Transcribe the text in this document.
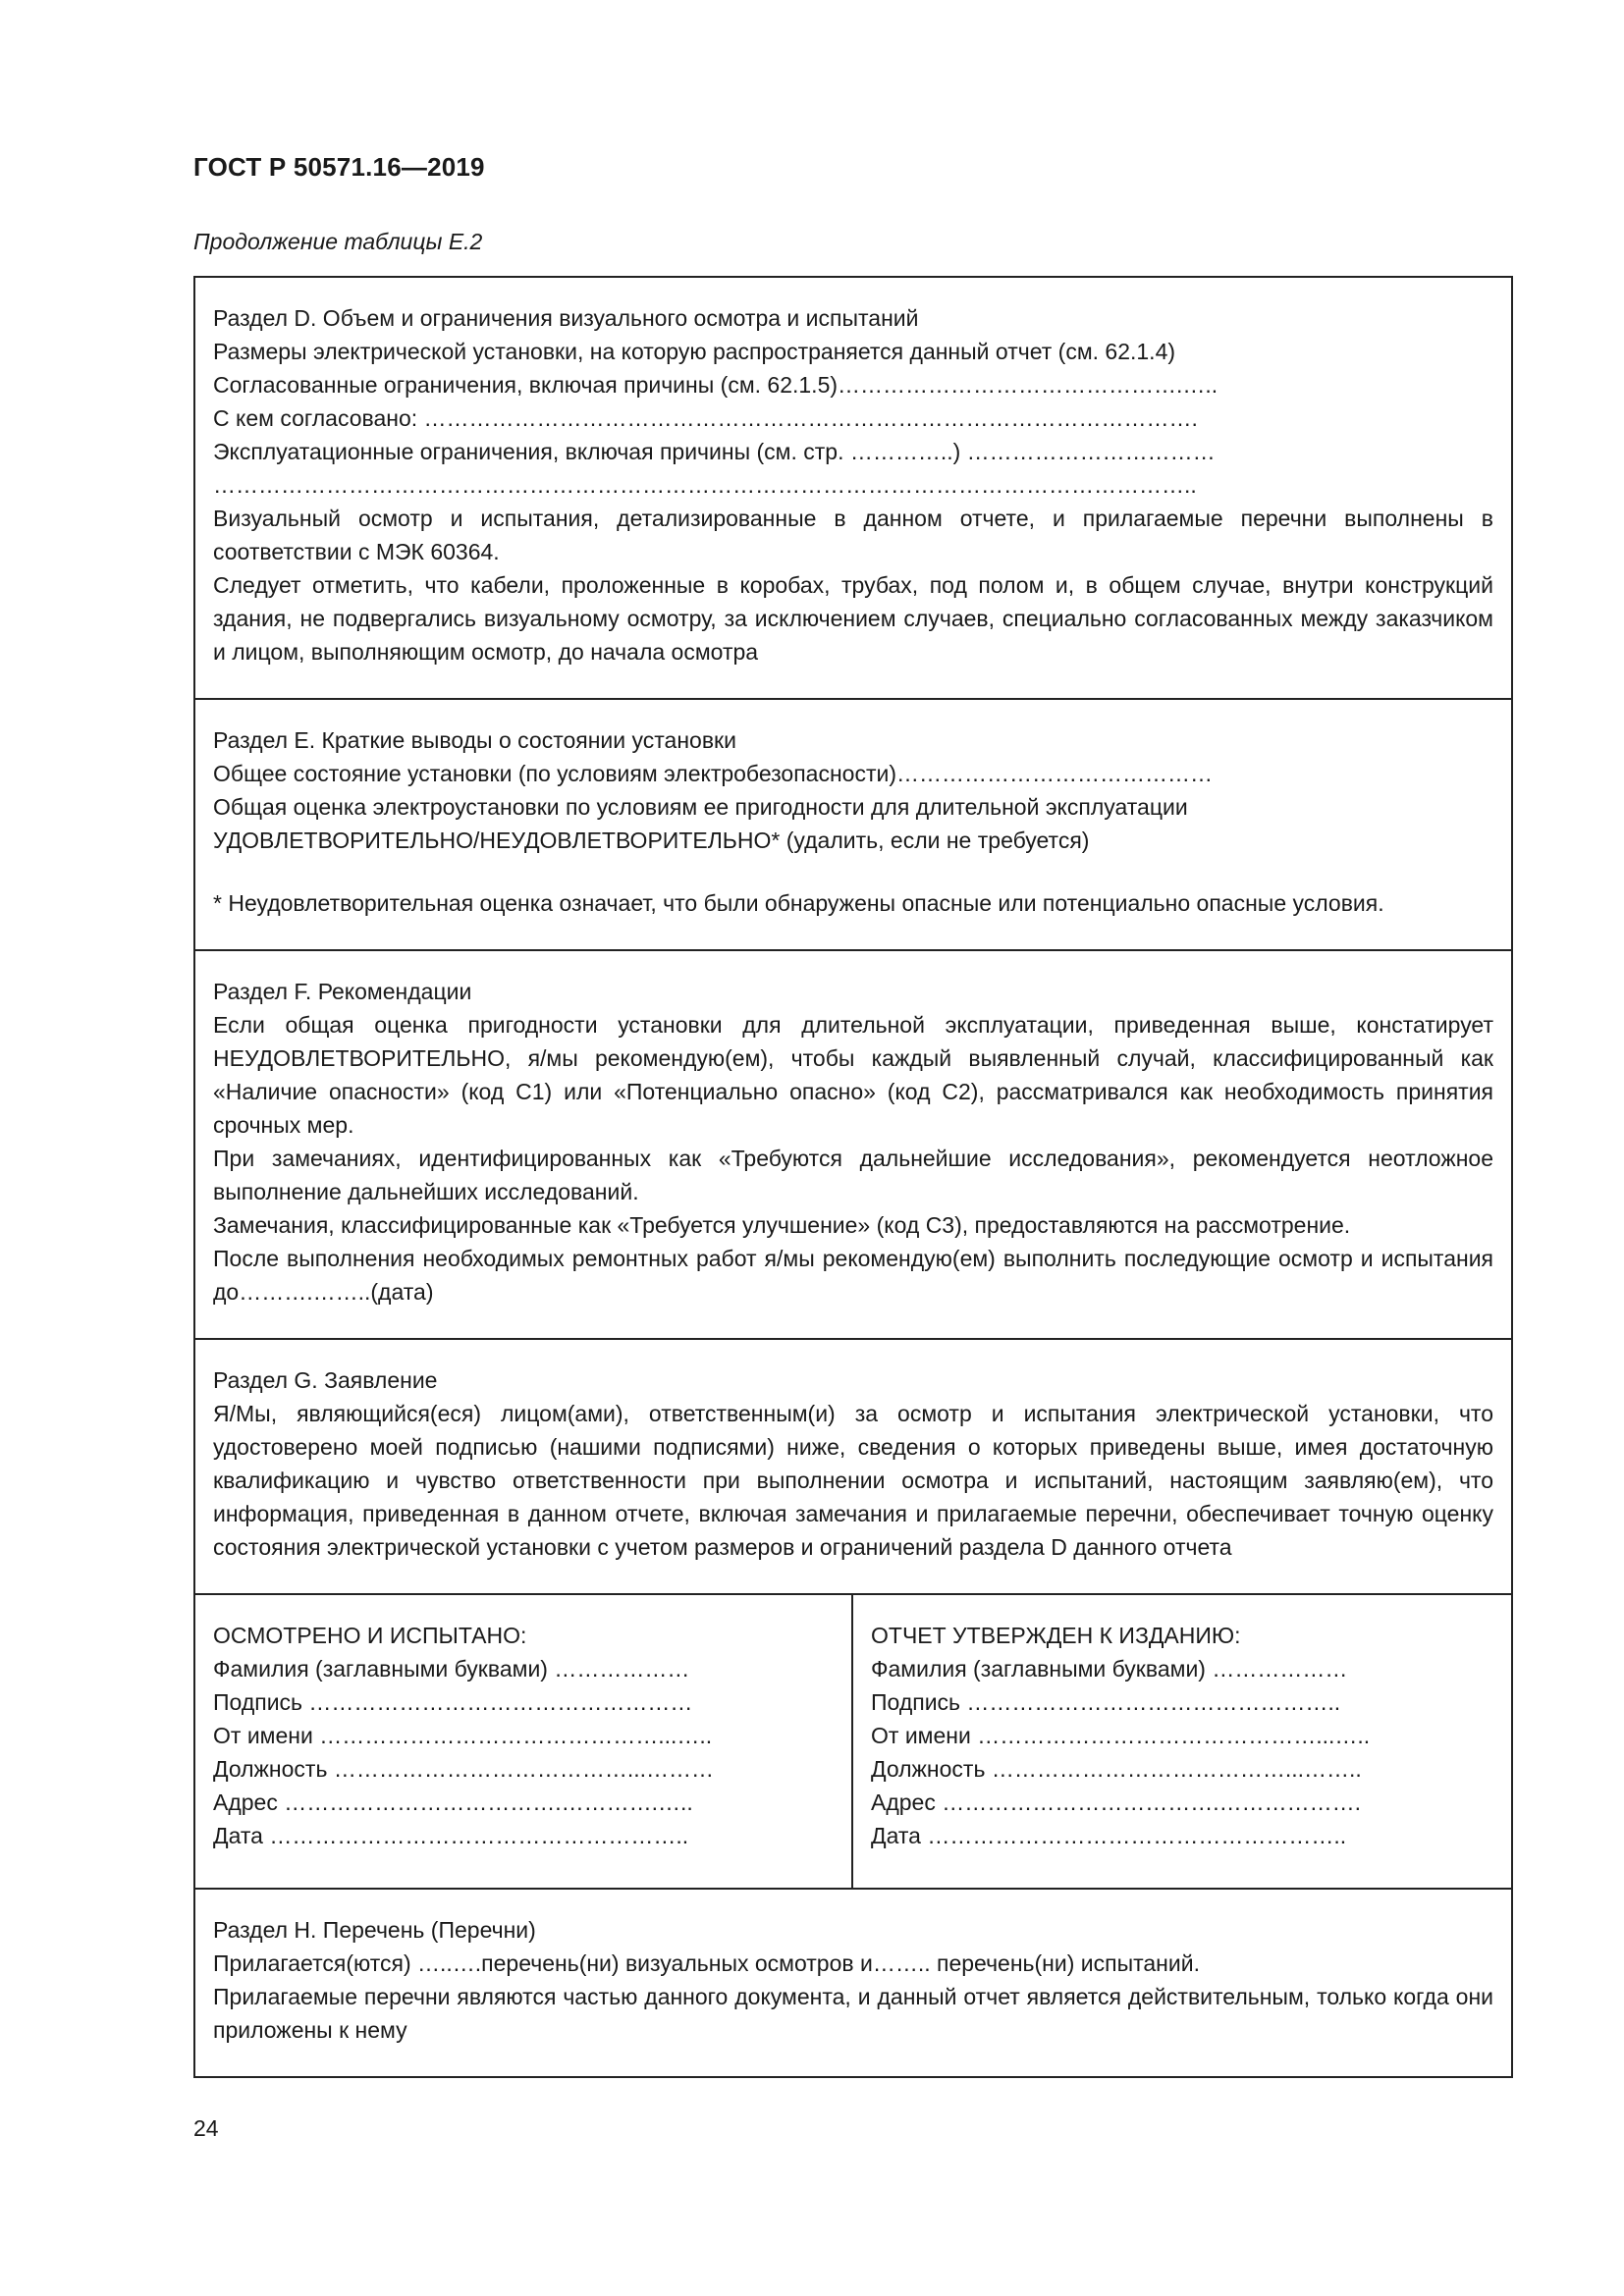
ГОСТ Р 50571.16—2019
Продолжение таблицы Е.2

Раздел D. Объем и ограничения визуального осмотра и испытаний

Размеры электрической установки, на которую распространяется данный отчет (см. 62.1.4)

Согласованные ограничения, включая причины (см. 62.1.5)……………………………………….…..

С кем согласовано: ………………………………………………………………………………………….

Эксплуатационные ограничения, включая причины (см. стр. …………..) ……………………………

…………………………………………………………………………………………………………………..

Визуальный осмотр и испытания, детализированные в данном отчете, и прилагаемые перечни выполнены в соответствии с МЭК 60364.

Следует отметить, что кабели, проложенные в коробах, трубах, под полом и, в общем случае, внутри конструкций здания, не подвергались визуальному осмотру, за исключением случаев, специально согласованных между заказчиком и лицом, выполняющим осмотр, до начала осмотра

Раздел E. Краткие выводы о состоянии установки

Общее состояние установки (по условиям электробезопасности)……………………………………

Общая оценка электроустановки по условиям ее пригодности для длительной эксплуатации

УДОВЛЕТВОРИТЕЛЬНО/НЕУДОВЛЕТВОРИТЕЛЬНО* (удалить, если не требуется)

* Неудовлетворительная оценка означает, что были обнаружены опасные или потенциально опасные условия.

Раздел F. Рекомендации

Если общая оценка пригодности установки для длительной эксплуатации, приведенная выше, констатирует НЕУДОВЛЕТВОРИТЕЛЬНО, я/мы рекомендую(ем), чтобы каждый выявленный случай, классифицированный как «Наличие опасности» (код С1) или «Потенциально опасно» (код С2), рассматривался как необходимость принятия срочных мер.

При замечаниях, идентифицированных как «Требуются дальнейшие исследования», рекомендуется неотложное выполнение дальнейших исследований.

Замечания, классифицированные как «Требуется улучшение» (код С3), предоставляются на рассмотрение.

После выполнения необходимых ремонтных работ я/мы рекомендую(ем) выполнить последующие осмотр и испытания до……….……..(дата)

Раздел G. Заявление

Я/Мы, являющийся(еся) лицом(ами), ответственным(и) за осмотр и испытания электрической установки, что удостоверено моей подписью (нашими подписями) ниже, сведения о которых приведены выше, имея достаточную квалификацию и чувство ответственности при выполнении осмотра и испытаний, настоящим заявляю(ем), что информация, приведенная в данном отчете, включая замечания и прилагаемые перечни, обеспечивает точную оценку состояния электрической установки с учетом размеров и ограничений раздела D данного отчета

ОСМОТРЕНО И ИСПЫТАНО:

Фамилия (заглавными буквами) ………………

Подпись ……………………………………………

От имени ………………………………………...…..

Должность …………………………………...………

Адрес ……………………………….………….…..

Дата ………………………………………………..

ОТЧЕТ УТВЕРЖДЕН К ИЗДАНИЮ:

Фамилия (заглавными буквами) ………………

Подпись …………………………………………..

От имени ………………………………………...…..

Должность …………………………………...……..

Адрес ……………………………….……………….

Дата ………………………………………………..

Раздел H. Перечень (Перечни)

Прилагается(ются) …..….перечень(ни) визуальных осмотров и…….. перечень(ни) испытаний.

Прилагаемые перечни являются частью данного документа, и данный отчет является действительным, только когда они приложены к нему

24
